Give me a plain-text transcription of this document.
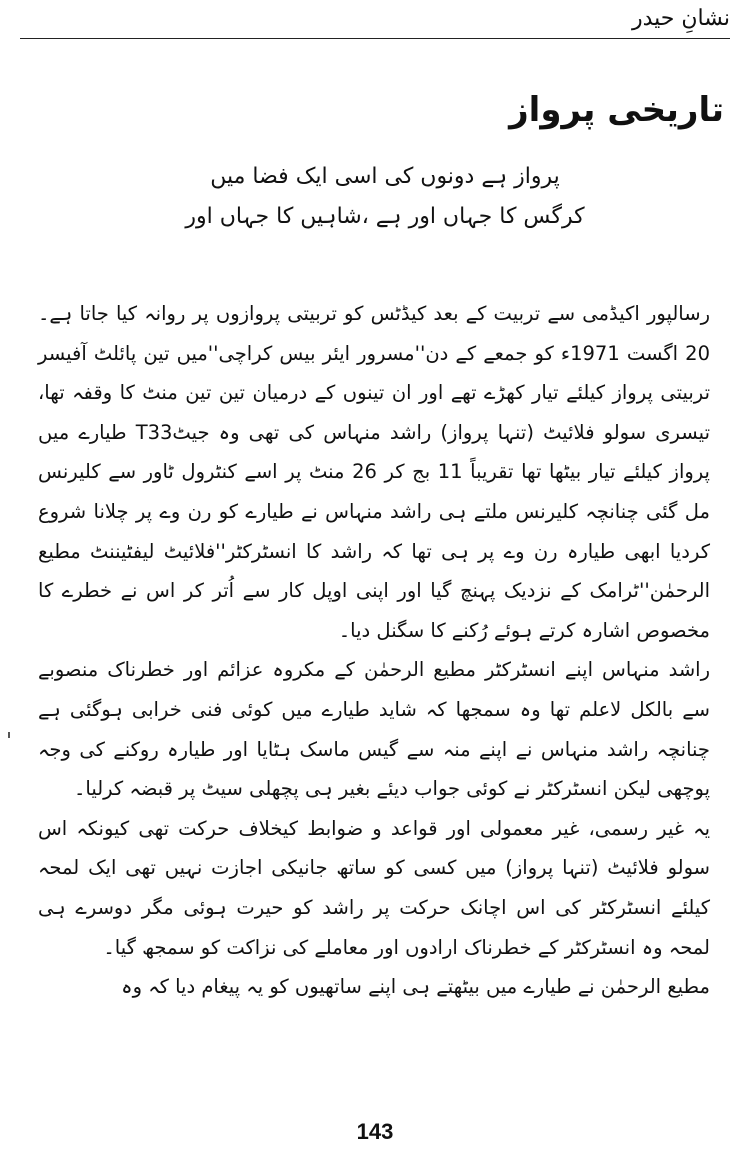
نشانِ حیدر
تاریخی پرواز
پرواز ہے دونوں کی اسی ایک فضا میں
کرگس کا جہاں اور ہے ،شاہیں کا جہاں اور

رسالپور اکیڈمی سے تربیت کے بعد کیڈٹس کو تربیتی پروازوں پر روانہ کیا جاتا ہے۔20 اگست 1971ء کو جمعے کے دن''مسرور ایئر بیس کراچی''میں تین پائلٹ آفیسر تربیتی پرواز کیلئے تیار کھڑے تھے اور ان تینوں کے درمیان تین تین منٹ کا وقفہ تھا، تیسری سولو فلائیٹ (تنہا پرواز) راشد منہاس کی تھی وہ جیٹT33 طیارے میں پرواز کیلئے تیار بیٹھا تھا تقریباً 11 بج کر 26 منٹ پر اسے کنٹرول ٹاور سے کلیرنس مل گئی چنانچہ کلیرنس ملتے ہی راشد منہاس نے طیارے کو رن وے پر چلانا شروع کردیا ابھی طیارہ رن وے پر ہی تھا کہ راشد کا انسٹرکٹر''فلائیٹ لیفٹیننٹ مطیع الرحمٰن''ٹرامک کے نزدیک پہنچ گیا اور اپنی اوپل کار سے اُتر کر اس نے خطرے کا مخصوص اشارہ کرتے ہوئے رُکنے کا سگنل دیا۔

راشد منہاس اپنے انسٹرکٹر مطیع الرحمٰن کے مکروہ عزائم اور خطرناک منصوبے سے بالکل لاعلم تھا وہ سمجھا کہ شاید طیارے میں کوئی فنی خرابی ہوگئی ہے چنانچہ راشد منہاس نے اپنے منہ سے گیس ماسک ہٹایا اور طیارہ روکنے کی وجہ پوچھی لیکن انسٹرکٹر نے کوئی جواب دیئے بغیر ہی پچھلی سیٹ پر قبضہ کرلیا۔

یہ غیر رسمی، غیر معمولی اور قواعد و ضوابط کیخلاف حرکت تھی کیونکہ اس سولو فلائیٹ (تنہا پرواز) میں کسی کو ساتھ جانیکی اجازت نہیں تھی ایک لمحہ کیلئے انسٹرکٹر کی اس اچانک حرکت پر راشد کو حیرت ہوئی مگر دوسرے ہی لمحہ وہ انسٹرکٹر کے خطرناک ارادوں اور معاملے کی نزاکت کو سمجھ گیا۔

مطیع الرحمٰن نے طیارے میں بیٹھتے ہی اپنے ساتھیوں کو یہ پیغام دیا کہ وہ

143
